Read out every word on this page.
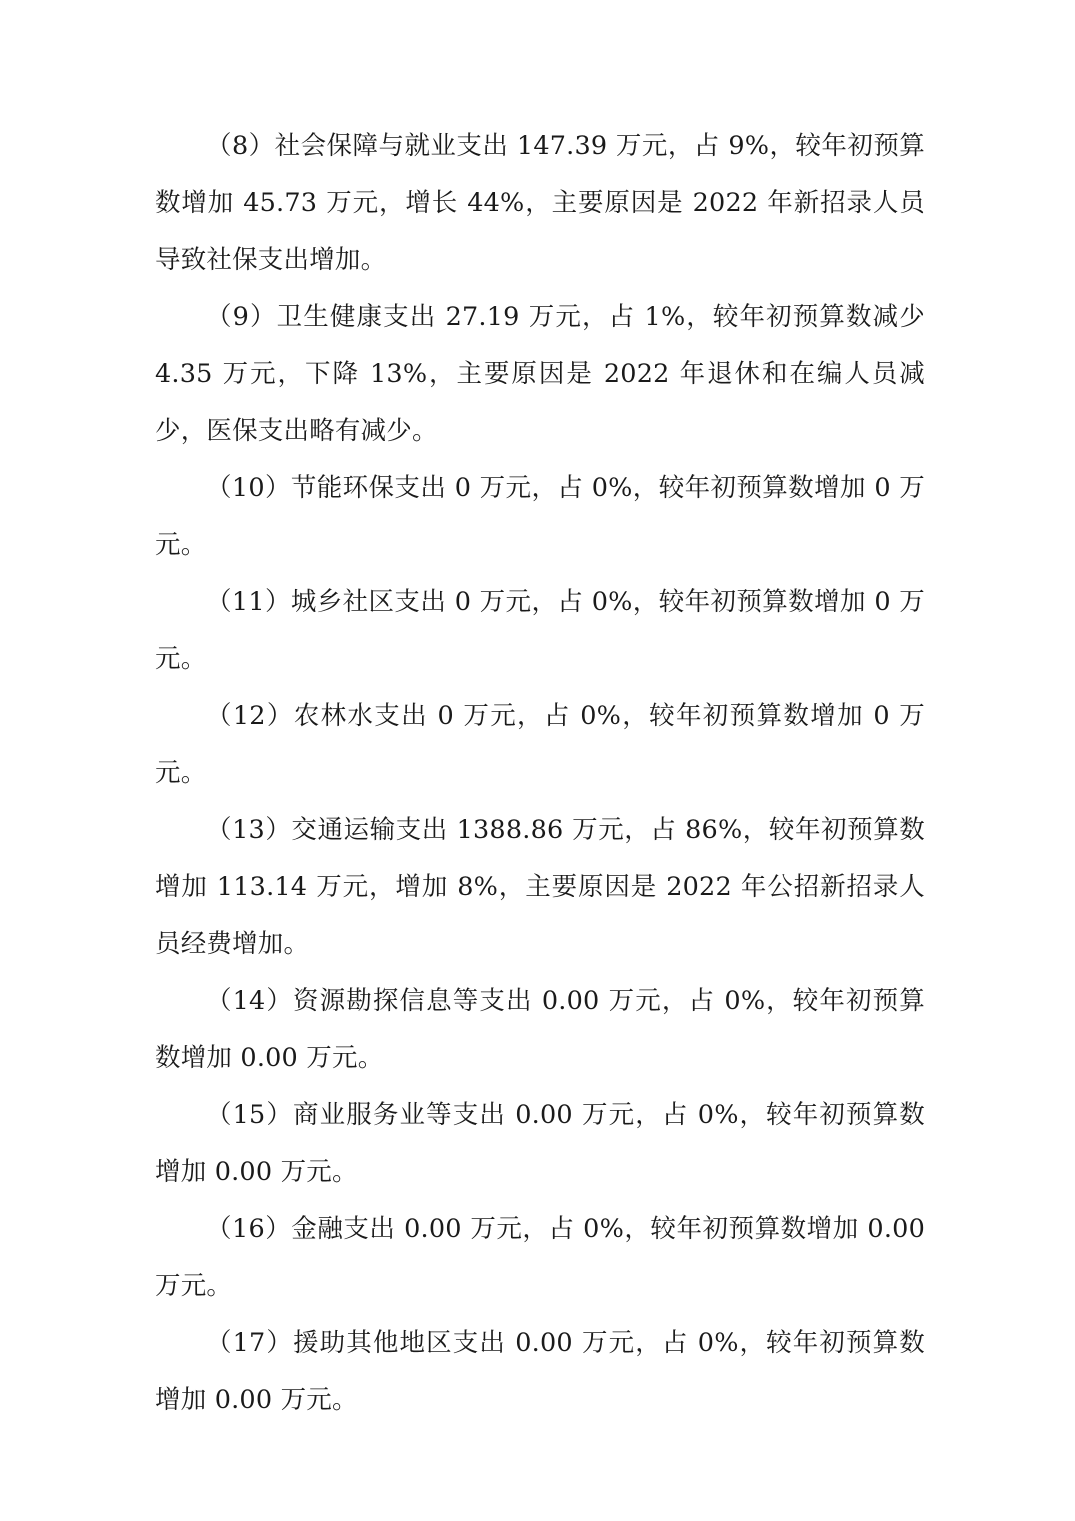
（8）社会保障与就业支出 147.39 万元，占 9%，较年初预算数增加 45.73 万元，增长 44%，主要原因是 2022 年新招录人员导致社保支出增加。

（9）卫生健康支出 27.19 万元，占 1%，较年初预算数减少 4.35 万元，下降 13%，主要原因是 2022 年退休和在编人员减少，医保支出略有减少。

（10）节能环保支出 0 万元，占 0%，较年初预算数增加 0 万元。

（11）城乡社区支出 0 万元，占 0%，较年初预算数增加 0 万元。

（12）农林水支出 0 万元，占 0%，较年初预算数增加 0 万元。

（13）交通运输支出 1388.86 万元，占 86%，较年初预算数增加 113.14 万元，增加 8%，主要原因是 2022 年公招新招录人员经费增加。

（14）资源勘探信息等支出 0.00 万元，占 0%，较年初预算数增加 0.00 万元。

（15）商业服务业等支出 0.00 万元，占 0%，较年初预算数增加 0.00 万元。

（16）金融支出 0.00 万元，占 0%，较年初预算数增加 0.00 万元。

（17）援助其他地区支出 0.00 万元，占 0%，较年初预算数增加 0.00 万元。
